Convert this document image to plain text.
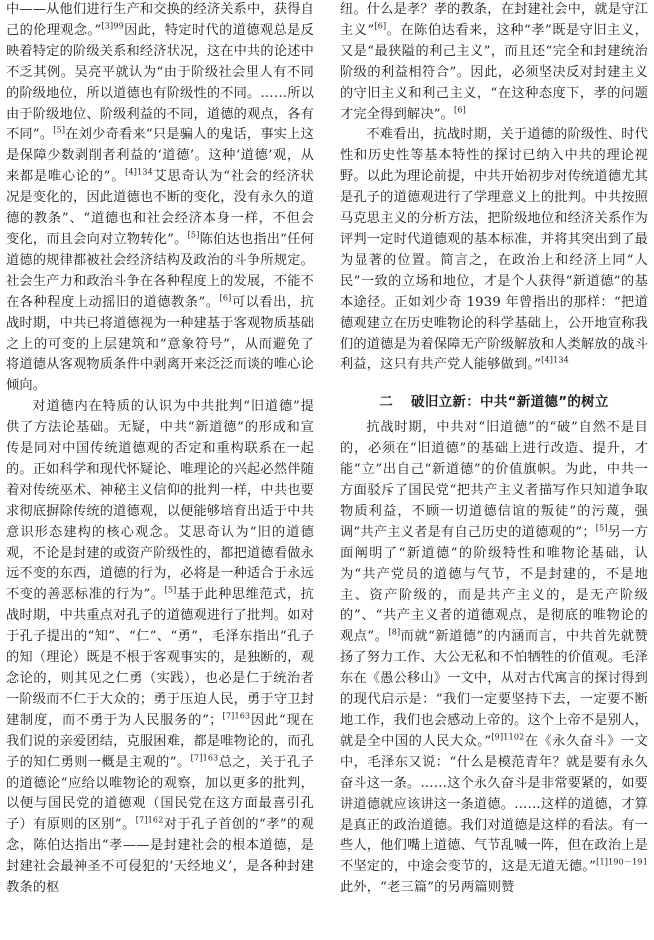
中——从他们进行生产和交换的经济关系中，获得自己的伦理观念。”$^{[3]99}$因此，特定时代的道德观总是反映着特定的阶级关系和经济状况，这在中共的论述中不乏其例。吴亮平就认为“由于阶级社会里人有不同的阶级地位，所以道德也有阶级性的不同。……所以由于阶级地位、阶级利益的不同，道德的观点，各有不同”。[5]在刘少奇看来“只是骗人的鬼话，事实上这是保障少数剥削者利益的‘道德’。这种‘道德’观，从来都是唯心论的”。$^{[4]134}$艾思奇认为“社会的经济状况是变化的，因此道德也不断的变化，没有永久的道德的教条”、“道德也和社会经济本身一样，不但会变化，而且会向对立物转化”。[5]陈伯达也指出“任何道德的规律都被社会经济结构及政治的斗争所规定。社会生产力和政治斗争在各种程度上的发展，不能不在各种程度上动摇旧的道德教条”。[6]可以看出，抗战时期，中共已将道德视为一种建基于客观物质基础之上的可变的上层建筑和“意象符号”，从而避免了将道德从客观物质条件中剥离开来泛泛而谈的唯心论倾向。

对道德内在特质的认识为中共批判“旧道德”提供了方法论基础。无疑，中共“新道德”的形成和宣传是同对中国传统道德观的否定和重构联系在一起的。正如科学和现代怀疑论、唯理论的兴起必然伴随着对传统巫术、神秘主义信仰的批判一样，中共也要求彻底摒除传统的道德观，以便能够培育出适于中共意识形态建构的核心观念。艾思奇认为“旧的道德观，不论是封建的或资产阶级性的，都把道德看做永远不变的东西，道德的行为，必将是一种适合于永远不变的善恶标准的行为”。[5]基于此种思维范式，抗战时期，中共重点对孔子的道德观进行了批判。如对于孔子提出的“知”、“仁”、“勇”，毛泽东指出“孔子的知（理论）既是不根于客观事实的，是独断的，观念论的，则其见之仁勇（实践），也必是仁于统治者一阶级而不仁于大众的；勇于压迫人民，勇于守卫封建制度，而不勇于为人民服务的”；$^{[7]163}$因此“现在我们说的亲爱团结，克服困难，都是唯物论的，而孔子的知仁勇则一概是主观的”。$^{[7]163}$总之，关于孔子的道德论“应给以唯物论的观察，加以更多的批判，以便与国民党的道德观（国民党在这方面最喜引孔子）有原则的区别”。$^{[7]162}$对于孔子首创的“孝”的观念，陈伯达指出“孝——是封建社会的根本道德，是封建社会最神圣不可侵犯的‘天经地义’，是各种封建教条的枢

纽。什么是孝？孝的教条，在封建社会中，就是守江主义”[6]。在陈伯达看来，这种“孝”既是守旧主义，又是“最狭隘的利己主义”，而且还“完全和封建统治阶级的利益相符合”。因此，必须坚决反对封建主义的守旧主义和利己主义，“在这种态度下，孝的问题才完全得到解决”。[6]

不难看出，抗战时期，关于道德的阶级性、时代性和历史性等基本特性的探讨已纳入中共的理论视野。以此为理论前提，中共开始初步对传统道德尤其是孔子的道德观进行了学理意义上的批判。中共按照马克思主义的分析方法，把阶级地位和经济关系作为评判一定时代道德观的基本标准，并将其突出到了最为显著的位置。简言之，在政治上和经济上同“人民”一致的立场和地位，才是个人获得“新道德”的基本途径。正如刘少奇 1939 年曾指出的那样：“把道德观建立在历史唯物论的科学基础上，公开地宣称我们的道德是为着保障无产阶级解放和人类解放的战斗利益，这只有共产党人能够做到。”$^{[4]134}$

二 破旧立新：中共“新道德”的树立

抗战时期，中共对“旧道德”的“破”自然不是目的，必须在“旧道德”的基础上进行改造、提升，才能“立”出自己“新道德”的价值旗帜。为此，中共一方面驳斥了国民党“把共产主义者描写作只知道争取物质利益，不顾一切道德信谊的叛徒”的污蔑，强调“共产主义者是有自己历史的道德观的”；[5]另一方面阐明了“新道德”的阶级特性和唯物论基础，认为“共产党员的道德与气节，不是封建的，不是地主、资产阶级的，而是共产主义的，是无产阶级的”、“共产主义者的道德观点，是彻底的唯物论的观点”。[8]而就“新道德”的内涵而言，中共首先就赞扬了努力工作、大公无私和不怕牺牲的价值观。毛泽东在《愚公移山》一文中，从对古代寓言的探讨得到的现代启示是：“我们一定要坚持下去，一定要不断地工作，我们也会感动上帝的。这个上帝不是别人，就是全中国的人民大众。”$^{[9]1102}$在《永久奋斗》一文中，毛泽东又说：“什么是模范青年？就是要有永久奋斗这一条。……这个永久奋斗是非常要紧的，如要讲道德就应该讲这一条道德。……这样的道德，才算是真正的政治道德。我们对道德是这样的看法。有一些人，他们嘴上道德、气节乱喊一阵，但在政治上是不坚定的，中途会变节的，这是无道无德。”$^{[1]190-191}$此外，“老三篇”的另两篇则赞
